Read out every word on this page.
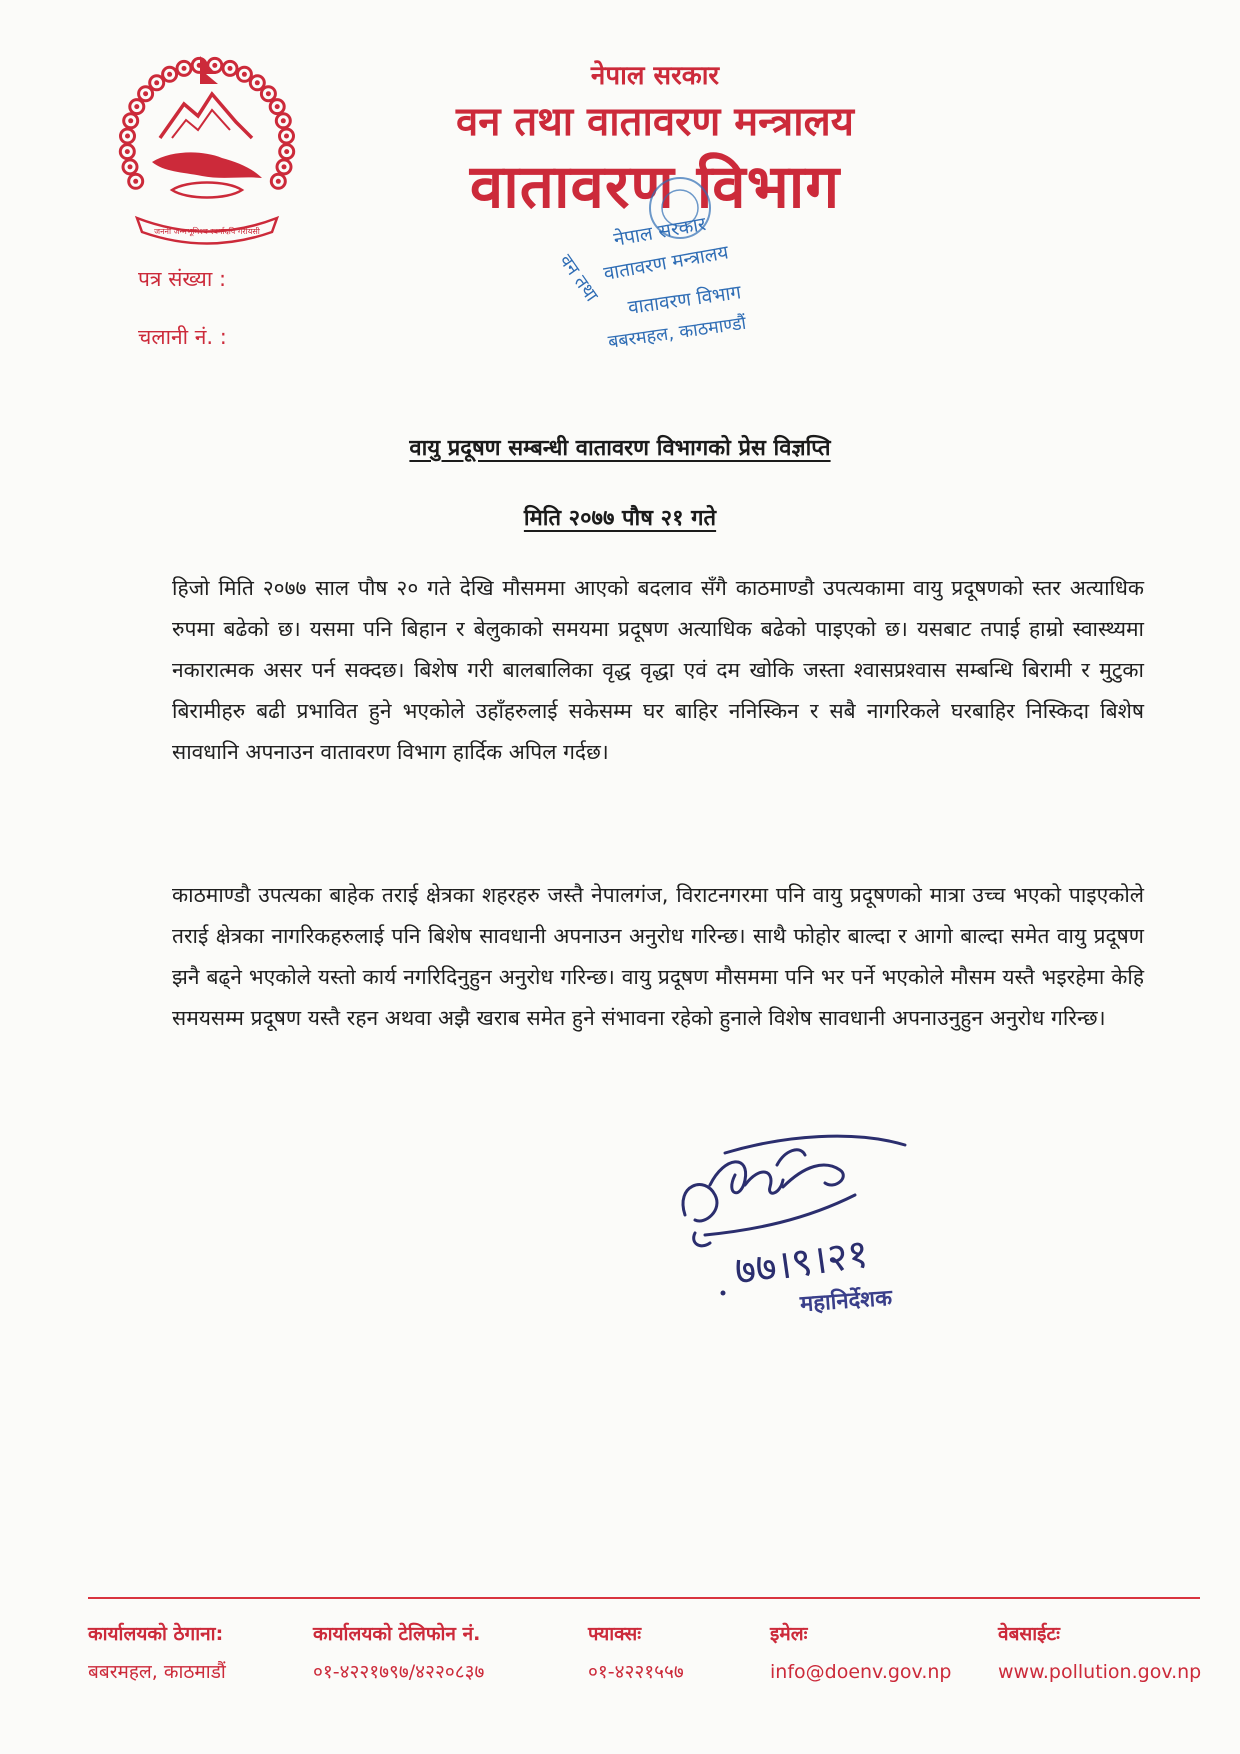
जननी जन्मभूमिश्च स्वर्गादपि गरीयसी
नेपाल सरकार
वन तथा वातावरण मन्त्रालय
वातावरण विभाग
पत्र संख्या :
चलानी नं. :
वन तथा
नेपाल सरकार
वातावरण मन्त्रालय
वातावरण विभाग
बबरमहल, काठमाण्डौं
वायु प्रदूषण सम्बन्धी वातावरण विभागको प्रेस विज्ञप्ति
मिति २०७७ पौष २१ गते

हिजो मिति २०७७ साल पौष २० गते देखि मौसममा आएको बदलाव सँगै काठमाण्डौ उपत्यकामा वायु प्रदूषणको स्तर अत्याधिक रुपमा बढेको छ। यसमा पनि बिहान र बेलुकाको समयमा प्रदूषण अत्याधिक बढेको पाइएको छ। यसबाट तपाई हाम्रो स्वास्थ्यमा नकारात्मक असर पर्न सक्दछ। बिशेष गरी बालबालिका वृद्ध वृद्धा एवं दम खोकि जस्ता श्वासप्रश्वास सम्बन्धि बिरामी र मुटुका बिरामीहरु बढी प्रभावित हुने भएकोले उहाँहरुलाई सकेसम्म घर बाहिर ननिस्किन र सबै नागरिकले घरबाहिर निस्किदा बिशेष सावधानि अपनाउन वातावरण विभाग हार्दिक अपिल गर्दछ।

काठमाण्डौ उपत्यका बाहेक तराई क्षेत्रका शहरहरु जस्तै नेपालगंज, विराटनगरमा पनि वायु प्रदूषणको मात्रा उच्च भएको पाइएकोले तराई क्षेत्रका नागरिकहरुलाई पनि बिशेष सावधानी अपनाउन अनुरोध गरिन्छ। साथै फोहोर बाल्दा र आगो बाल्दा समेत वायु प्रदूषण झनै बढ्ने भएकोले यस्तो कार्य नगरिदिनुहुन अनुरोध गरिन्छ। वायु प्रदूषण मौसममा पनि भर पर्ने भएकोले मौसम यस्तै भइरहेमा केहि समयसम्म प्रदूषण यस्तै रहन अथवा अझै खराब समेत हुने संभावना रहेको हुनाले विशेष सावधानी अपनाउनुहुन अनुरोध गरिन्छ।

७७।९।२१
महानिर्देशक
कार्यालयको ठेगाना:
बबरमहल, काठमाडौं
कार्यालयको टेलिफोन नं.
०१-४२२१७९७/४२२०८३७
फ्याक्सः
०१-४२२१५५७
इमेलः
info@doenv.gov.np
वेबसाईटः
www.pollution.gov.np
